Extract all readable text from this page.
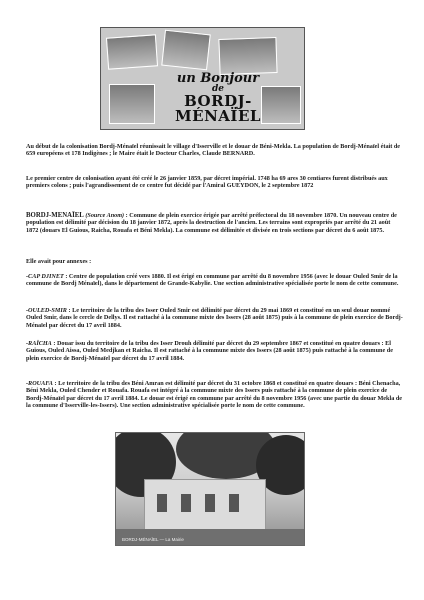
un Bonjour
de
BORDJ-MÉNAÏEL

Au début de la colonisation Bordj-Ménaïel réunissait le village d'Isserville et le douar de Béni-Mekla. La population de Bordj-Ménaïel était de 659 européens et 178 Indigènes ; le Maire était le Docteur Charles, Claude BERNARD.

Le premier centre de colonisation ayant été créé le 26 janvier 1859, par décret impérial. 1748 ha 69 ares 30 centiares furent distribués aux premiers colons ; puis l'agrandissement de ce centre fut décidé par l'Amiral GUEYDON, le 2 septembre 1872

BORDJ-MENAÏEL (Source Anom) : Commune de plein exercice érigée par arrêté préfectoral du 18 novembre 1870. Un nouveau centre de population est délimité par décision du 18 janvier 1872, après la destruction de l'ancien. Les terrains sont expropriés par arrêté du 21 août 1872 (douars El Guious, Raicha, Rouafa et Béni Mekla). La commune est délimitée et divisée en trois sections par décret du 6 août 1875.

Elle avait pour annexes :

-CAP DJINET : Centre de population créé vers 1880. Il est érigé en commune par arrêté du 8 novembre 1956 (avec le douar Ouled Smir de la commune de Bordj Ménaïel), dans le département de Grande-Kabylie. Une section administrative spécialisée porte le nom de cette commune.

-OULED-SMIR : Le territoire de la tribu des Isser Ouled Smir est délimité par décret du 29 mai 1869 et constitué en un seul douar nommé Ouled Smir, dans le cercle de Dellys. Il est rattaché à la commune mixte des Issers (28 août 1875) puis à la commune de plein exercice de Bordj-Ménaïel par décret du 17 avril 1884.

-RAÏCHA : Douar issu du territoire de la tribu des Isser Drouh délimité par décret du 29 septembre 1867 et constitué en quatre douars : El Guious, Ouled Aissa, Ouled Medjkan et Raicha. Il est rattaché à la commune mixte des Issers (28 août 1875) puis rattaché à la commune de plein exercice de Bordj-Ménaïel par décret du 17 avril 1884.

-ROUAFA : Le territoire de la tribu des Béni Amran est délimité par décret du 31 octobre 1868 et constitué en quatre douars : Béni Chenacha, Béni Mekla, Ouled Chender et Rouafa. Rouafa est intégré à la commune mixte des Issers puis rattaché à la commune de plein exercice de Bordj-Ménaïel par décret du 17 avril 1884. Le douar est érigé en commune par arrêté du 8 novembre 1956 (avec une partie du douar Mekla de la commune d'Isserville-les-Issers). Une section administrative spécialisée porte le nom de cette commune.

BORDJ-MÉNAÏEL — La Mairie
